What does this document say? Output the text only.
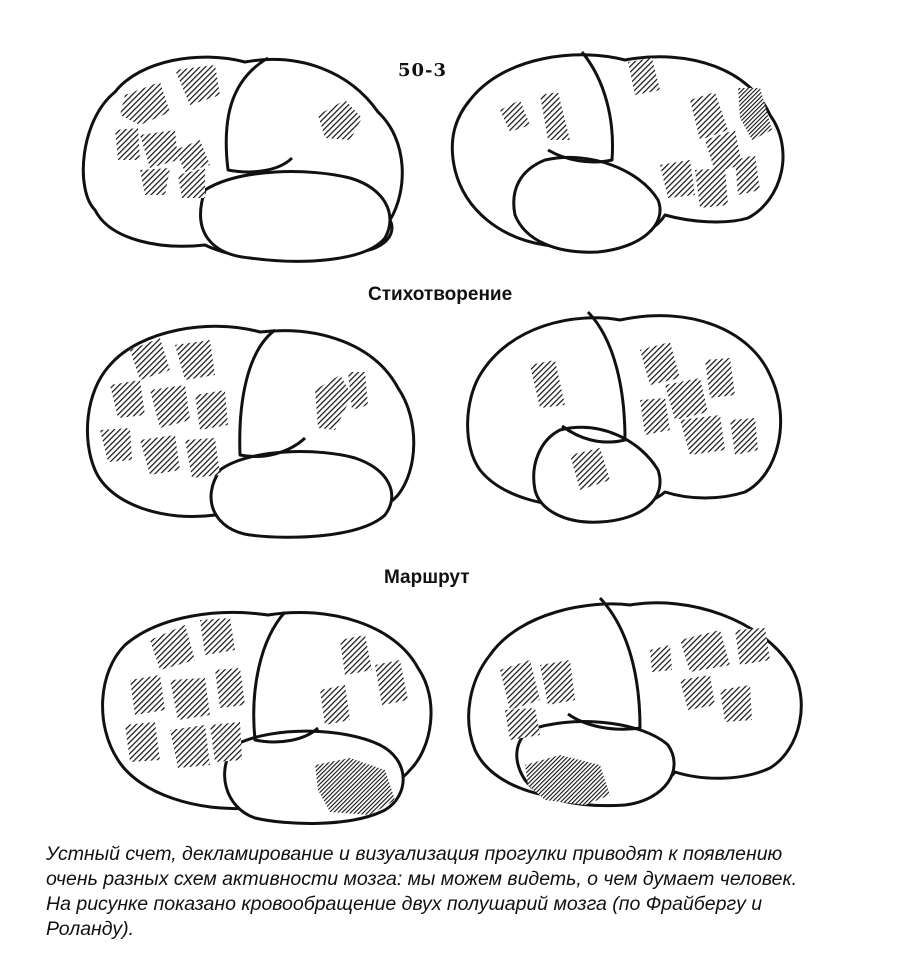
50-3
Стихотворение
Маршрут
Устный счет, декламирование и визуализация прогулки приводят к появлению
очень разных схем активности мозга: мы можем видеть, о чем думает человек.
На рисунке показано кровообращение двух полушарий мозга (по Фрайбергу и
Роланду).
